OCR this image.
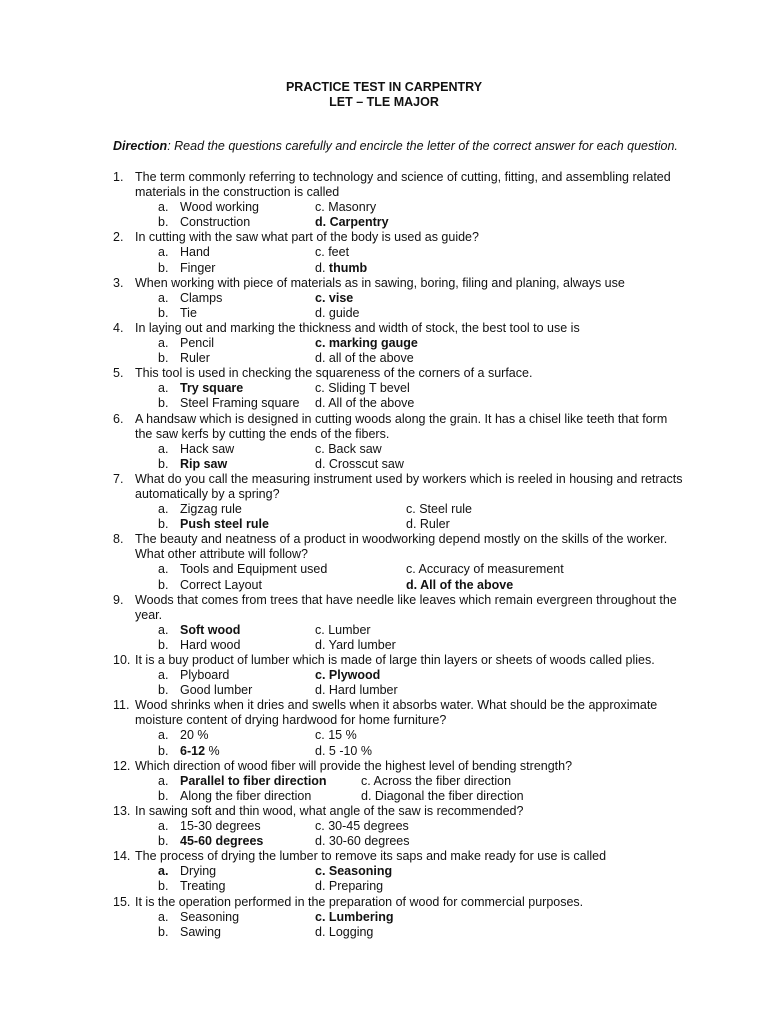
PRACTICE TEST IN CARPENTRY
LET – TLE MAJOR
Direction: Read the questions carefully and encircle the letter of the correct answer for each question.
1. The term commonly referring to technology and science of cutting, fitting, and assembling related
materials in the construction is called
a. Wood working	c. Masonry
b. Construction	d. Carpentry
2. In cutting with the saw what part of the body is used as guide?
a. Hand	c. feet
b. Finger	d. thumb
3. When working with piece of materials as in sawing, boring, filing and planing, always use
a. Clamps	c. vise
b. Tie	d. guide
4. In laying out and marking the thickness and width of stock, the best tool to use is
a. Pencil	c. marking gauge
b. Ruler	d. all of the above
5. This tool is used in checking the squareness of the corners of a surface.
a. Try square	c. Sliding T bevel
b. Steel Framing square d. All of the above
6. A handsaw which is designed in cutting woods along the grain. It has a chisel like teeth that form
the saw kerfs by cutting the ends of the fibers.
a. Hack saw	c. Back saw
b. Rip saw	d. Crosscut saw
7. What do you call the measuring instrument used by workers which is reeled in housing and retracts
automatically by a spring?
a. Zigzag rule	c. Steel rule
b. Push steel rule	d. Ruler
8. The beauty and neatness of a product in woodworking depend mostly on the skills of the worker.
What other attribute will follow?
a. Tools and Equipment used	c. Accuracy of measurement
b. Correct Layout	d. All of the above
9. Woods that comes from trees that have needle like leaves which remain evergreen throughout the
year.
a. Soft wood	c. Lumber
b. Hard wood	d. Yard lumber
10. It is a buy product of lumber which is made of large thin layers or sheets of woods called plies.
a. Plyboard	c. Plywood
b. Good lumber	d. Hard lumber
11. Wood shrinks when it dries and swells when it absorbs water. What should be the approximate
moisture content of drying hardwood for home furniture?
a. 20 %	c. 15 %
b. 6-12 %	d. 5 -10 %
12. Which direction of wood fiber will provide the highest level of bending strength?
a. Parallel to fiber direction	c. Across the fiber direction
b. Along the fiber direction	d. Diagonal the fiber direction
13. In sawing soft and thin wood, what angle of the saw is recommended?
a. 15-30 degrees	c. 30-45 degrees
b. 45-60 degrees	d. 30-60 degrees
14. The process of drying the lumber to remove its saps and make ready for use is called
a. Drying	c. Seasoning
b. Treating	d. Preparing
15. It is the operation performed in the preparation of wood for commercial purposes.
a. Seasoning	c. Lumbering
b. Sawing	d. Logging
